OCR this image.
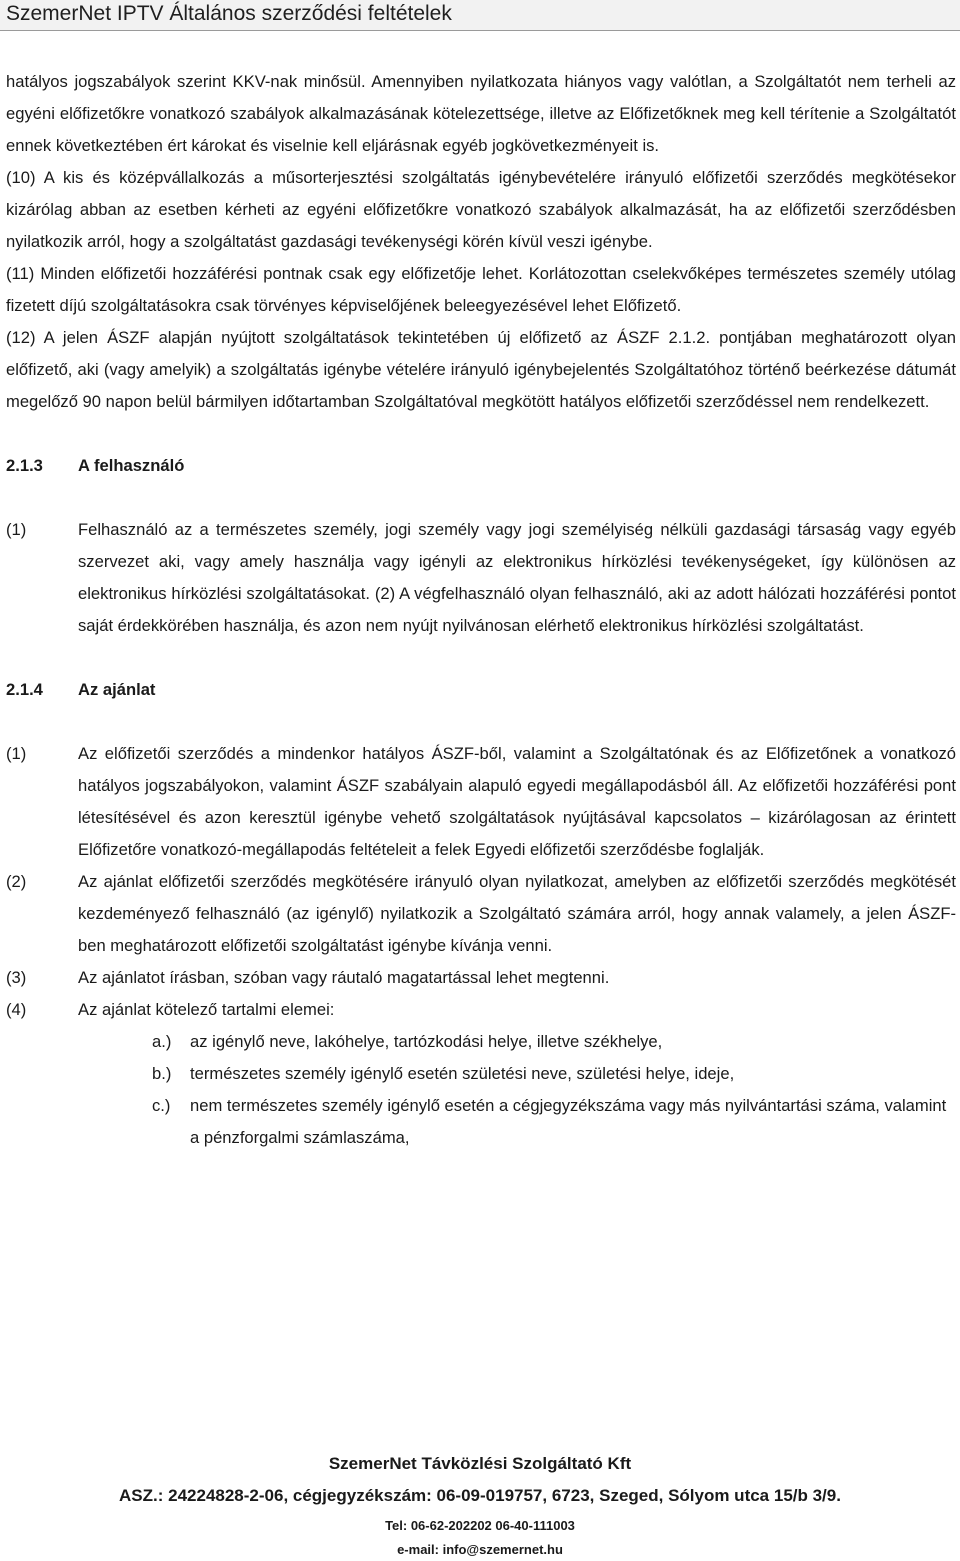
SzemerNet IPTV Általános szerződési feltételek

hatályos jogszabályok szerint KKV-nak minősül. Amennyiben nyilatkozata hiányos vagy valótlan, a Szolgáltatót nem terheli az egyéni előfizetőkre vonatkozó szabályok alkalmazásának kötelezettsége, illetve az Előfizetőknek meg kell térítenie a Szolgáltatót ennek következtében ért károkat és viselnie kell eljárásnak egyéb jogkövetkezményeit is.

(10) A kis és középvállalkozás a műsorterjesztési szolgáltatás igénybevételére irányuló előfizetői szerződés megkötésekor kizárólag abban az esetben kérheti az egyéni előfizetőkre vonatkozó szabályok alkalmazását, ha az előfizetői szerződésben nyilatkozik arról, hogy a szolgáltatást gazdasági tevékenységi körén kívül veszi igénybe.

(11) Minden előfizetői hozzáférési pontnak csak egy előfizetője lehet. Korlátozottan cselekvőképes természetes személy utólag fizetett díjú szolgáltatásokra csak törvényes képviselőjének beleegyezésével lehet Előfizető.

(12) A jelen ÁSZF alapján nyújtott szolgáltatások tekintetében új előfizető az ÁSZF 2.1.2. pontjában meghatározott olyan előfizető, aki (vagy amelyik) a szolgáltatás igénybe vételére irányuló igénybejelentés Szolgáltatóhoz történő beérkezése dátumát megelőző 90 napon belül bármilyen időtartamban Szolgáltatóval megkötött hatályos előfizetői szerződéssel nem rendelkezett.

2.1.3 A felhasználó
(1)	Felhasználó az a természetes személy, jogi személy vagy jogi személyiség nélküli gazdasági társaság vagy egyéb szervezet aki, vagy amely használja vagy igényli az elektronikus hírközlési tevékenységeket, így különösen az elektronikus hírközlési szolgáltatásokat. (2) A végfelhasználó olyan felhasználó, aki az adott hálózati hozzáférési pontot saját érdekkörében használja, és azon nem nyújt nyilvánosan elérhető elektronikus hírközlési szolgáltatást.
2.1.4 Az ajánlat
(1)	Az előfizetői szerződés a mindenkor hatályos ÁSZF-ből, valamint a Szolgáltatónak és az Előfizetőnek a vonatkozó hatályos jogszabályokon, valamint ÁSZF szabályain alapuló egyedi megállapodásból áll. Az előfizetői hozzáférési pont létesítésével és azon keresztül igénybe vehető szolgáltatások nyújtásával kapcsolatos – kizárólagosan az érintett Előfizetőre vonatkozó-megállapodás feltételeit a felek Egyedi előfizetői szerződésbe foglalják.
(2)	Az ajánlat előfizetői szerződés megkötésére irányuló olyan nyilatkozat, amelyben az előfizetői szerződés megkötését kezdeményező felhasználó (az igénylő) nyilatkozik a Szolgáltató számára arról, hogy annak valamely, a jelen ÁSZF-ben meghatározott előfizetői szolgáltatást igénybe kívánja venni.
(3)	Az ajánlatot írásban, szóban vagy ráutaló magatartással lehet megtenni.
(4)	Az ajánlat kötelező tartalmi elemei:
a.)	az igénylő neve, lakóhelye, tartózkodási helye, illetve székhelye,
b.)	természetes személy igénylő esetén születési neve, születési helye, ideje,
c.)	nem természetes személy igénylő esetén a cégjegyzékszáma vagy más nyilvántartási száma, valamint a pénzforgalmi számlaszáma,
SzemerNet Távközlési Szolgáltató Kft
ASZ.: 24224828-2-06, cégjegyzékszám: 06-09-019757, 6723, Szeged, Sólyom utca 15/b 3/9.
Tel: 06-62-202202 06-40-111003
e-mail: info@szemernet.hu
